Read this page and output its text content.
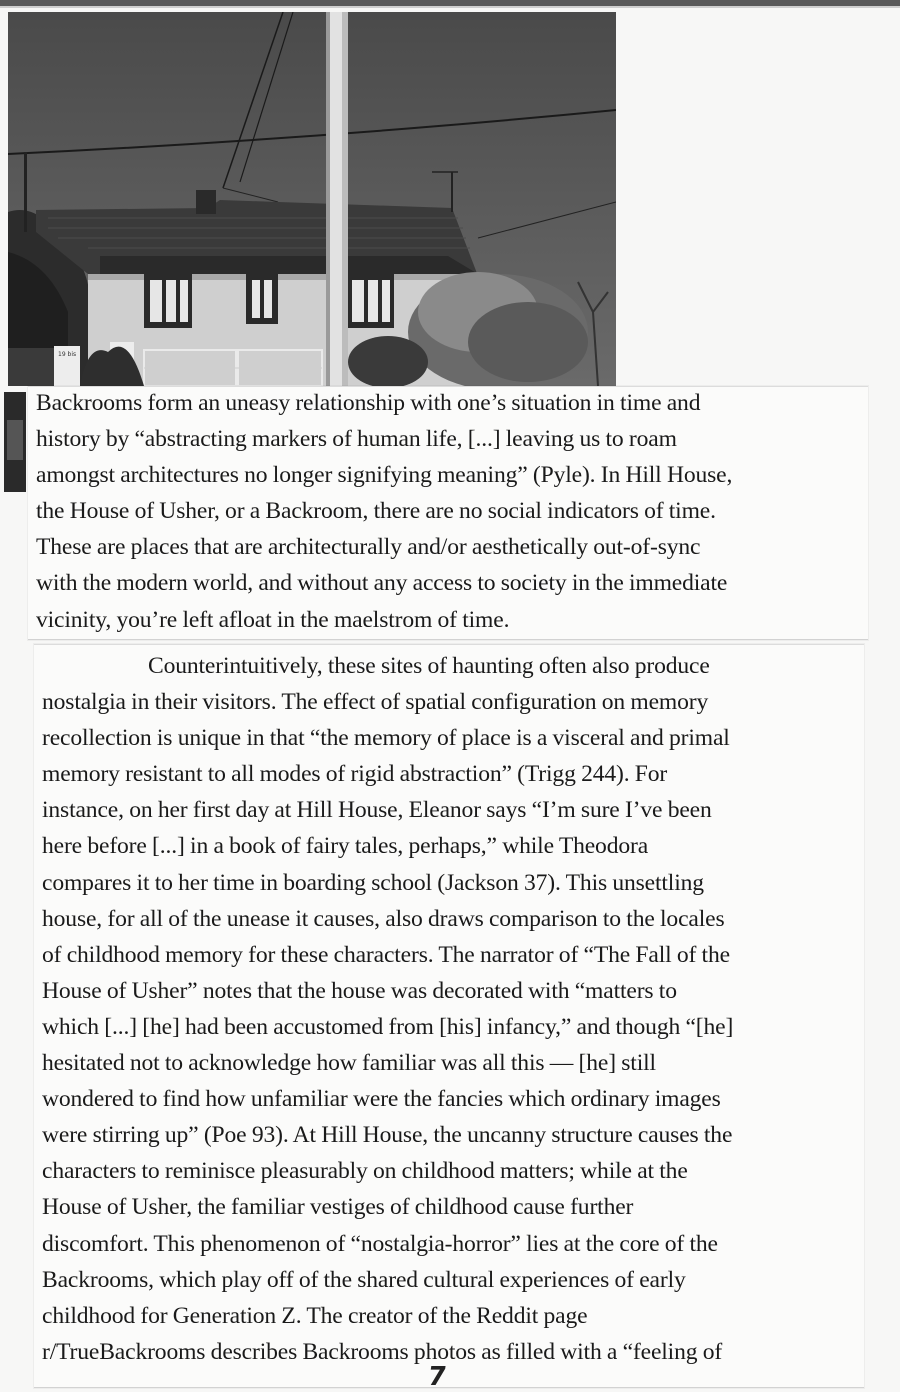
19 bis

Backrooms form an uneasy relationship with one’s situation in time and
history by “abstracting markers of human life, [...] leaving us to roam
amongst architectures no longer signifying meaning” (Pyle). In Hill House,
the House of Usher, or a Backroom, there are no social indicators of time.
These are places that are architecturally and/or aesthetically out-of-sync
with the modern world, and without any access to society in the immediate
vicinity, you’re left afloat in the maelstrom of time.

Counterintuitively, these sites of haunting often also produce
nostalgia in their visitors. The effect of spatial configuration on memory
recollection is unique in that “the memory of place is a visceral and primal
memory resistant to all modes of rigid abstraction” (Trigg 244). For
instance, on her first day at Hill House, Eleanor says “I’m sure I’ve been
here before [...] in a book of fairy tales, perhaps,” while Theodora
compares it to her time in boarding school (Jackson 37). This unsettling
house, for all of the unease it causes, also draws comparison to the locales
of childhood memory for these characters. The narrator of “The Fall of the
House of Usher” notes that the house was decorated with “matters to
which [...] [he] had been accustomed from [his] infancy,” and though “[he]
hesitated not to acknowledge how familiar was all this — [he] still
wondered to find how unfamiliar were the fancies which ordinary images
were stirring up” (Poe 93). At Hill House, the uncanny structure causes the
characters to reminisce pleasurably on childhood matters; while at the
House of Usher, the familiar vestiges of childhood cause further
discomfort. This phenomenon of “nostalgia-horror” lies at the core of the
Backrooms, which play off of the shared cultural experiences of early
childhood for Generation Z. The creator of the Reddit page
r/TrueBackrooms describes Backrooms photos as filled with a “feeling of

7
